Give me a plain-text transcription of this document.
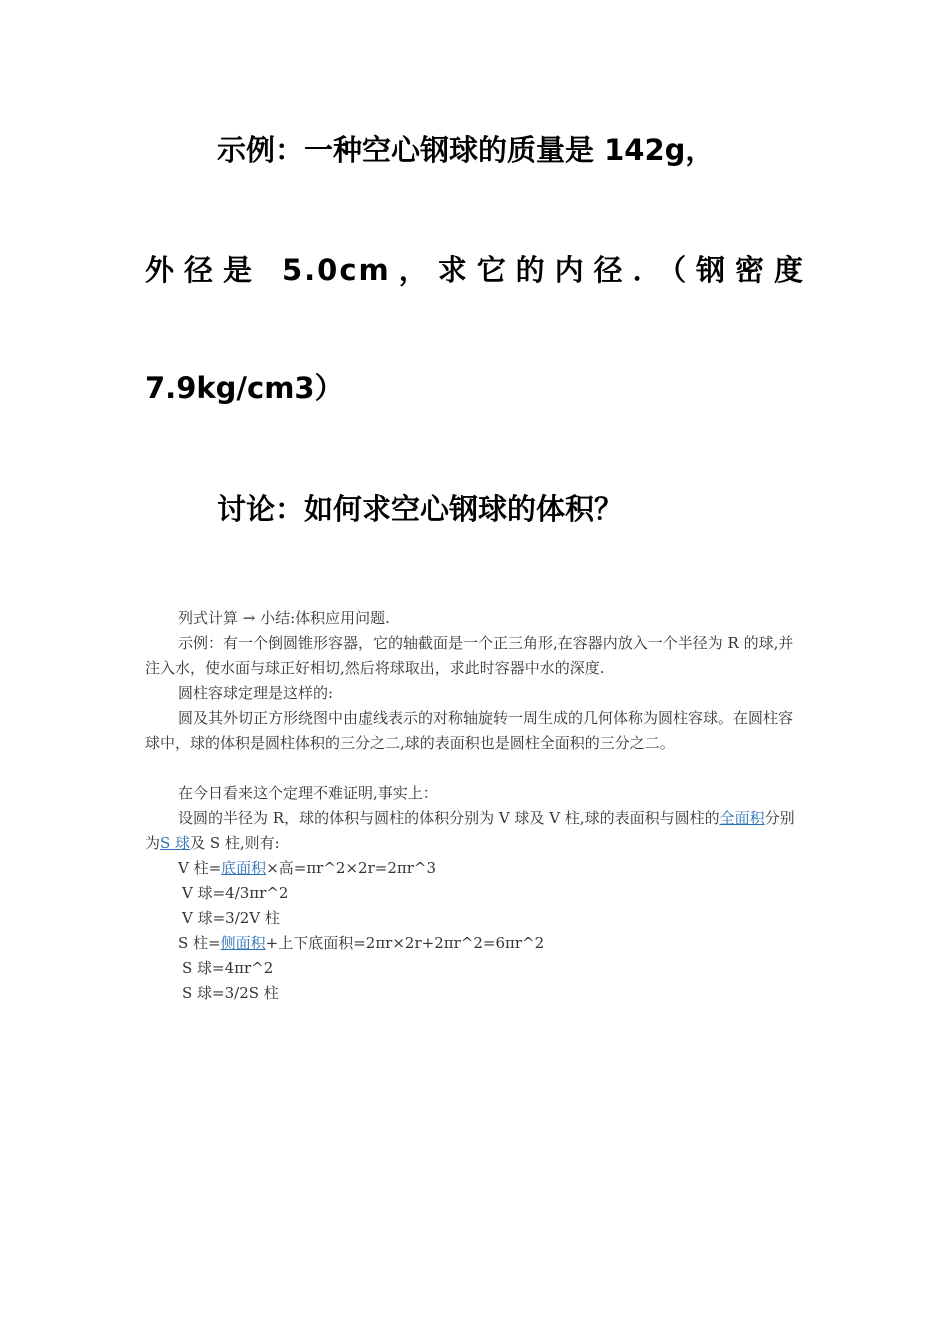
示例：一种空心钢球的质量是 142g，
外径是 5.0cm，求它的内径．（钢密度
7.9kg/cm3）
讨论：如何求空心钢球的体积？

列式计算 → 小结:体积应用问题.

示例：有一个倒圆锥形容器，它的轴截面是一个正三角形,在容器内放入一个半径为 R 的球,并注入水，使水面与球正好相切,然后将球取出，求此时容器中水的深度.

圆柱容球定理是这样的:

圆及其外切正方形绕图中由虚线表示的对称轴旋转一周生成的几何体称为圆柱容球。在圆柱容球中，球的体积是圆柱体积的三分之二,球的表面积也是圆柱全面积的三分之二。

在今日看来这个定理不难证明,事实上：

设圆的半径为 R，球的体积与圆柱的体积分别为 V 球及 V 柱,球的表面积与圆柱的全面积分别为S 球及 S 柱,则有:

V 柱=底面积×高=πr^2×2r=2πr^3

V 球=4/3πr^2

V 球=3/2V 柱

S 柱=侧面积+上下底面积=2πr×2r+2πr^2=6πr^2

S 球=4πr^2

S 球=3/2S 柱
